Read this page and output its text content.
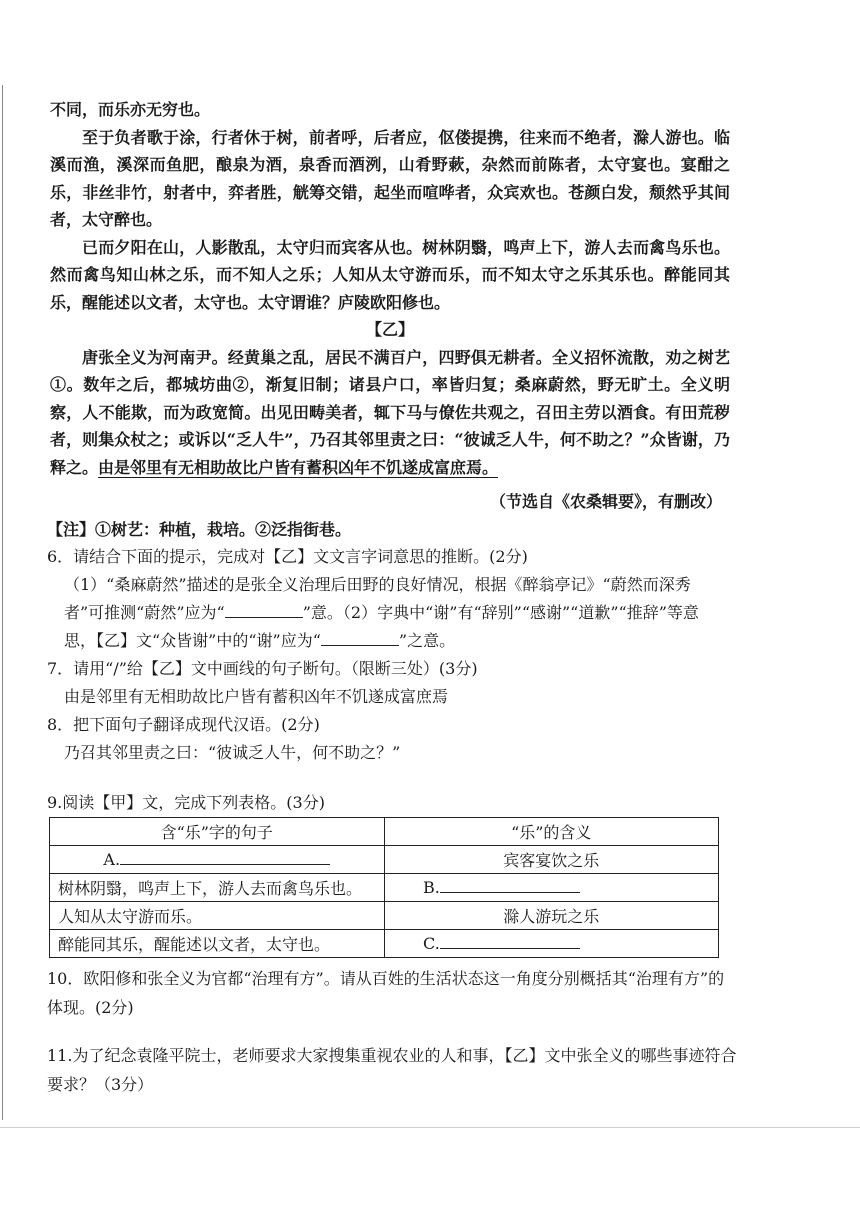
不同，而乐亦无穷也。

至于负者歌于涂，行者休于树，前者呼，后者应，伛偻提携，往来而不绝者，滁人游也。临溪而渔，溪深而鱼肥，酿泉为酒，泉香而酒洌，山肴野蔌，杂然而前陈者，太守宴也。宴酣之乐，非丝非竹，射者中，弈者胜，觥筹交错，起坐而喧哗者，众宾欢也。苍颜白发，颓然乎其间者，太守醉也。

已而夕阳在山，人影散乱，太守归而宾客从也。树林阴翳，鸣声上下，游人去而禽鸟乐也。然而禽鸟知山林之乐，而不知人之乐；人知从太守游而乐，而不知太守之乐其乐也。醉能同其乐，醒能述以文者，太守也。太守谓谁？庐陵欧阳修也。

【乙】

唐张全义为河南尹。经黄巢之乱，居民不满百户，四野俱无耕者。全义招怀流散，劝之树艺①。数年之后，都城坊曲②，渐复旧制；诸县户口，率皆归复；桑麻蔚然，野无旷土。全义明察，人不能欺，而为政宽简。出见田畴美者，辄下马与僚佐共观之，召田主劳以酒食。有田荒秽者，则集众杖之；或诉以“乏人牛”，乃召其邻里责之曰：“彼诚乏人牛，何不助之？”众皆谢，乃释之。由是邻里有无相助故比户皆有蓄积凶年不饥遂成富庶焉。

（节选自《农桑辑要》，有删改）

【注】①树艺：种植，栽培。②泛指街巷。

6．请结合下面的提示，完成对【乙】文文言字词意思的推断。(2分)

（1）“桑麻蔚然”描述的是张全义治理后田野的良好情况，根据《醉翁亭记》“蔚然而深秀者”可推测“蔚然”应为“	”意。（2）字典中“谢”有“辞别”“感谢”“道歉”“推辞”等意思，【乙】文“众皆谢”中的“谢”应为“	”之意。

7．请用“/”给【乙】文中画线的句子断句。（限断三处）(3分)

由是邻里有无相助故比户皆有蓄积凶年不饥遂成富庶焉

8．把下面句子翻译成现代汉语。(2分)

乃召其邻里责之曰：“彼诚乏人牛，何不助之？”

9.阅读【甲】文，完成下列表格。(3分)
含“乐”字的句子	“乐”的含义
A.	宾客宴饮之乐
树林阴翳，鸣声上下，游人去而禽鸟乐也。	B.
人知从太守游而乐。	滁人游玩之乐
醉能同其乐，醒能述以文者，太守也。	C.
10．欧阳修和张全义为官都“治理有方”。请从百姓的生活状态这一角度分别概括其“治理有方”的体现。(2分)
11.为了纪念袁隆平院士，老师要求大家搜集重视农业的人和事，【乙】文中张全义的哪些事迹符合要求？（3分）
